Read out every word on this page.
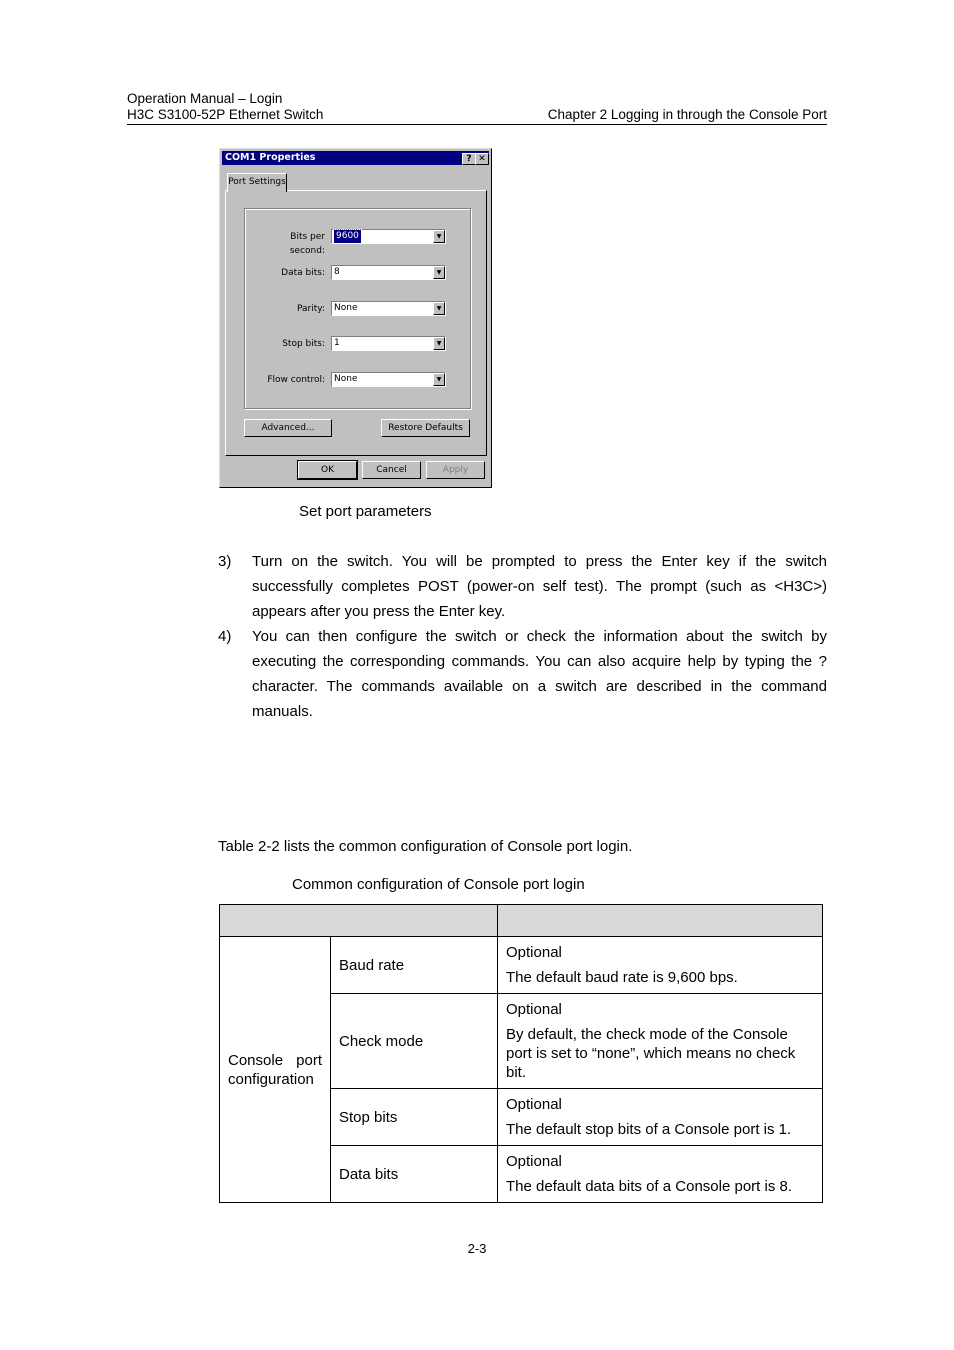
Operation Manual – Login
H3C S3100-52P Ethernet Switch	Chapter 2 Logging in through the Console Port
COM1 Properties	? ✕
Port Settings
Bits per second:
9600	▼
Data bits: 8	▼
Parity: None	▼
Stop bits: 1	▼
Flow control: None	▼
Advanced...	Restore Defaults
OK	Cancel	Apply
Set port parameters
3) Turn on the switch. You will be prompted to press the Enter key if the switch successfully completes POST (power-on self test). The prompt (such as <H3C>) appears after you press the Enter key.
4) You can then configure the switch or check the information about the switch by executing the corresponding commands. You can also acquire help by typing the ? character. The commands available on a switch are described in the command manuals.
Table 2-2 lists the common configuration of Console port login.
Common configuration of Console port login

Console port configuration	Baud rate	Optional

The default baud rate is 9,600 bps.

	Check mode	Optional

By default, the check mode of the Console port is set to “none”, which means no check bit.

	Stop bits	Optional

The default stop bits of a Console port is 1.

	Data bits	Optional

The default data bits of a Console port is 8.

2-3
